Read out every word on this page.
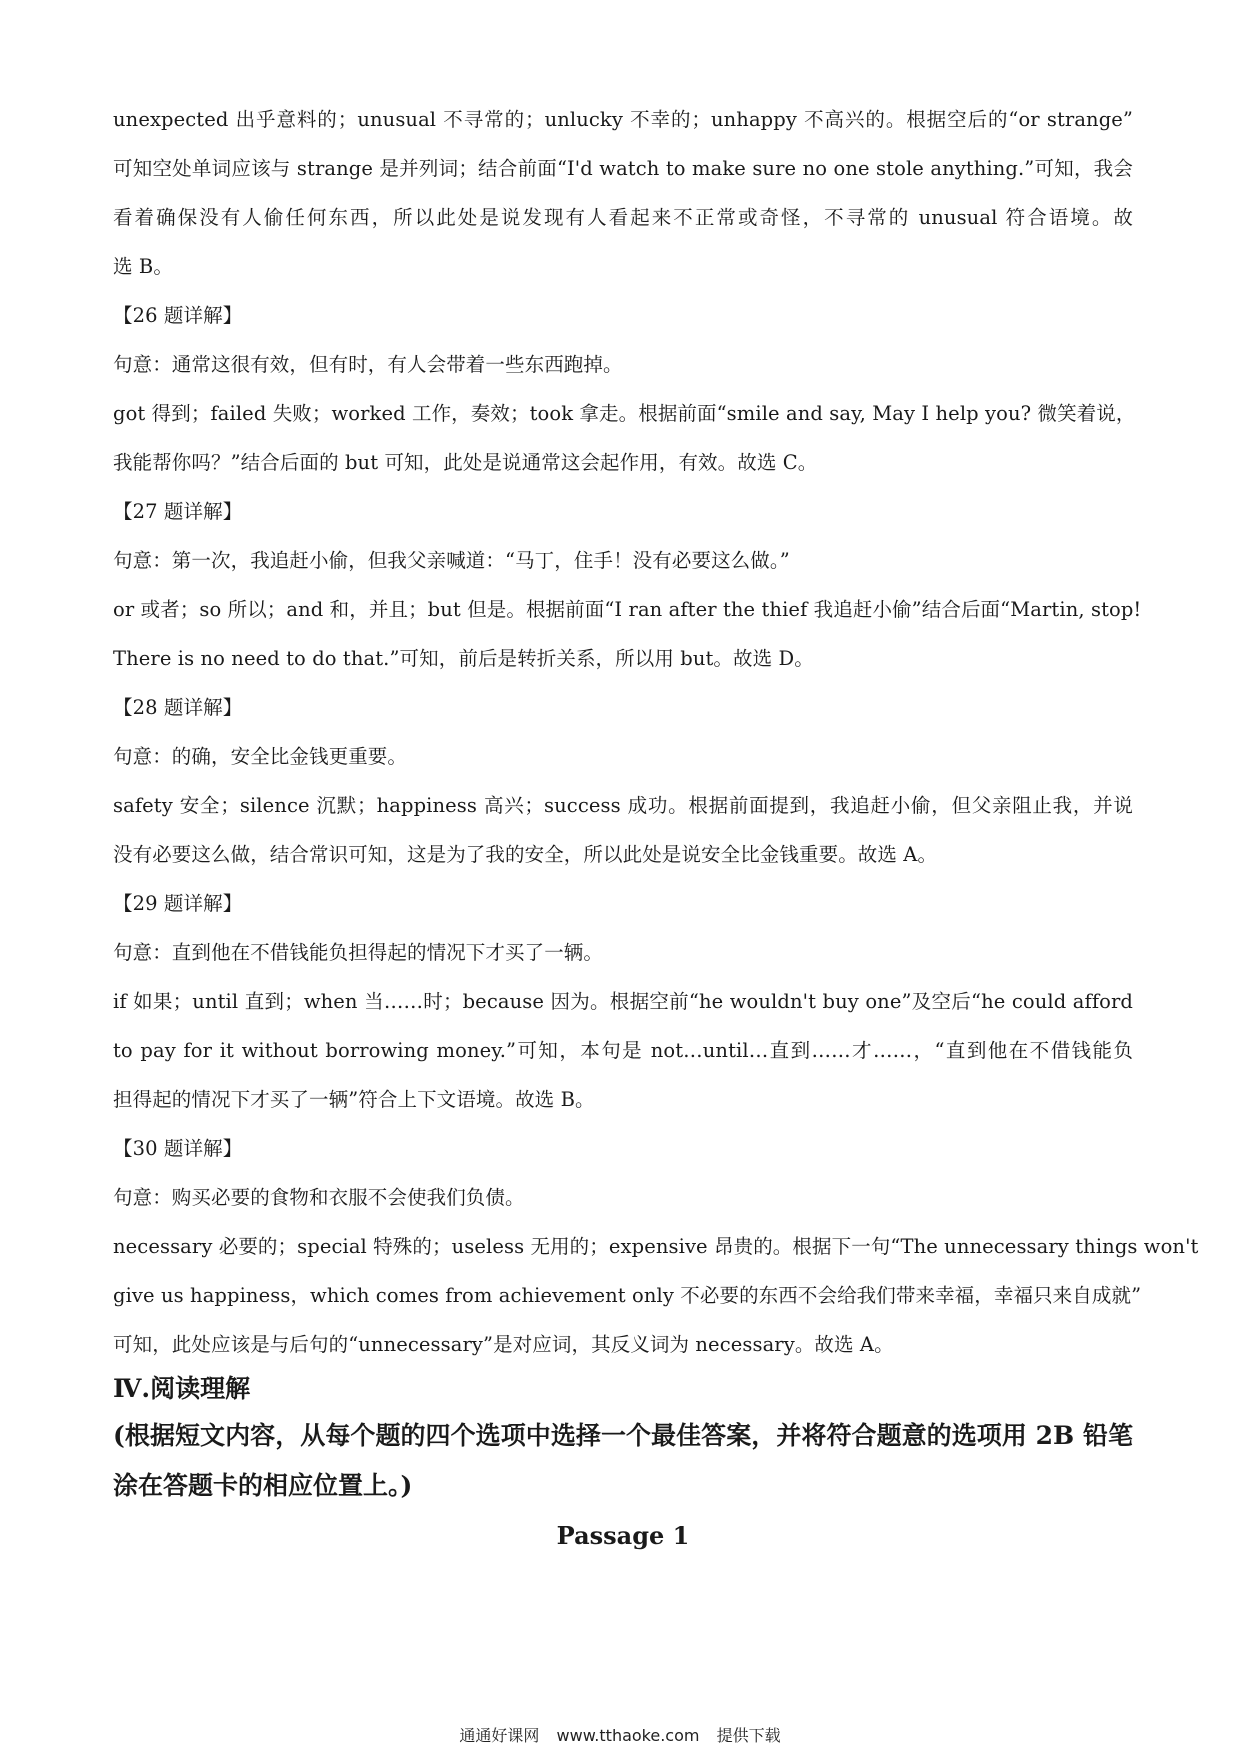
unexpected 出乎意料的；unusual 不寻常的；unlucky 不幸的；unhappy 不高兴的。根据空后的“or strange”
可知空处单词应该与 strange 是并列词；结合前面“I'd watch to make sure no one stole anything.”可知，我会
看着确保没有人偷任何东西，所以此处是说发现有人看起来不正常或奇怪，不寻常的 unusual 符合语境。故
选 B。
【26 题详解】
句意：通常这很有效，但有时，有人会带着一些东西跑掉。
got 得到；failed 失败；worked 工作，奏效；took 拿走。根据前面“smile and say, May I help you? 微笑着说，
我能帮你吗？”结合后面的 but 可知，此处是说通常这会起作用，有效。故选 C。
【27 题详解】
句意：第一次，我追赶小偷，但我父亲喊道：“马丁，住手！没有必要这么做。”
or 或者；so 所以；and 和，并且；but 但是。根据前面“I ran after the thief 我追赶小偷”结合后面“Martin, stop!
There is no need to do that.”可知，前后是转折关系，所以用 but。故选 D。
【28 题详解】
句意：的确，安全比金钱更重要。
safety 安全；silence 沉默；happiness 高兴；success 成功。根据前面提到，我追赶小偷，但父亲阻止我，并说
没有必要这么做，结合常识可知，这是为了我的安全，所以此处是说安全比金钱重要。故选 A。
【29 题详解】
句意：直到他在不借钱能负担得起的情况下才买了一辆。
if 如果；until 直到；when 当……时；because 因为。根据空前“he wouldn't buy one”及空后“he could afford
to pay for it without borrowing money.”可知，本句是 not…until…直到……才……，“直到他在不借钱能负
担得起的情况下才买了一辆”符合上下文语境。故选 B。
【30 题详解】
句意：购买必要的食物和衣服不会使我们负债。
necessary 必要的；special 特殊的；useless 无用的；expensive 昂贵的。根据下一句“The unnecessary things won't
give us happiness，which comes from achievement only 不必要的东西不会给我们带来幸福，幸福只来自成就”
可知，此处应该是与后句的“unnecessary”是对应词，其反义词为 necessary。故选 A。
Ⅳ.阅读理解
(根据短文内容，从每个题的四个选项中选择一个最佳答案，并将符合题意的选项用 2B 铅笔
涂在答题卡的相应位置上。)
Passage 1
通通好课网 www.tthaoke.com 提供下载
